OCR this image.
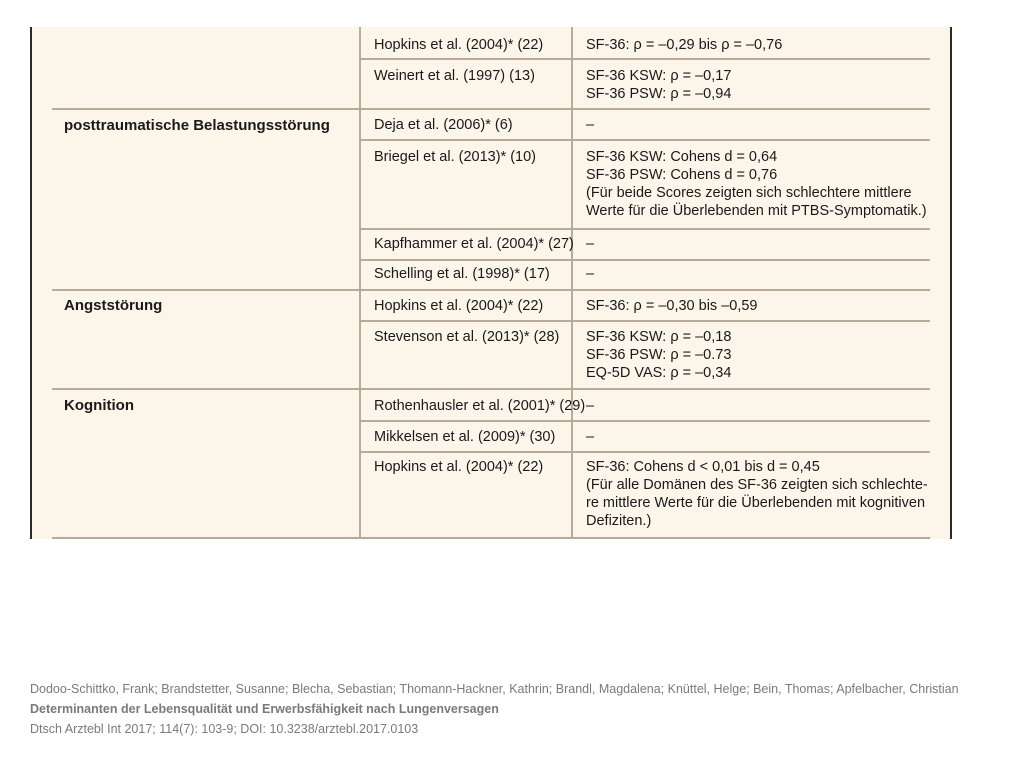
Hopkins et al. (2004)* (22)	SF-36: ρ = –0,29 bis ρ = –0,76
Weinert et al. (1997) (13)	SF-36 KSW: ρ = –0,17
SF-36 PSW: ρ = –0,94
posttraumatische Belastungsstörung	Deja et al. (2006)* (6)	–
Briegel et al. (2013)* (10)	SF-36 KSW: Cohens d = 0,64
SF-36 PSW: Cohens d = 0,76
(Für beide Scores zeigten sich schlechtere mittlere
Werte für die Überlebenden mit PTBS-Symptomatik.)
Kapfhammer et al. (2004)* (27) –
Schelling et al. (1998)* (17)	–
Angststörung	Hopkins et al. (2004)* (22)	SF-36: ρ = –0,30 bis –0,59
Stevenson et al. (2013)* (28) SF-36 KSW: ρ = –0,18
SF-36 PSW: ρ = –0.73
EQ-5D VAS: ρ = –0,34
Kognition	Rothenhausler et al. (2001)* (29) –
Mikkelsen et al. (2009)* (30) –
Hopkins et al. (2004)* (22)	SF-36: Cohens d < 0,01 bis d = 0,45
(Für alle Domänen des SF-36 zeigten sich schlechte-
re mittlere Werte für die Überlebenden mit kognitiven
Defiziten.)
Dodoo-Schittko, Frank; Brandstetter, Susanne; Blecha, Sebastian; Thomann-Hackner, Kathrin; Brandl, Magdalena; Knüttel, Helge; Bein, Thomas; Apfelbacher, Christian
Determinanten der Lebensqualität und Erwerbsfähigkeit nach Lungenversagen
Dtsch Arztebl Int 2017; 114(7): 103-9; DOI: 10.3238/arztebl.2017.0103
